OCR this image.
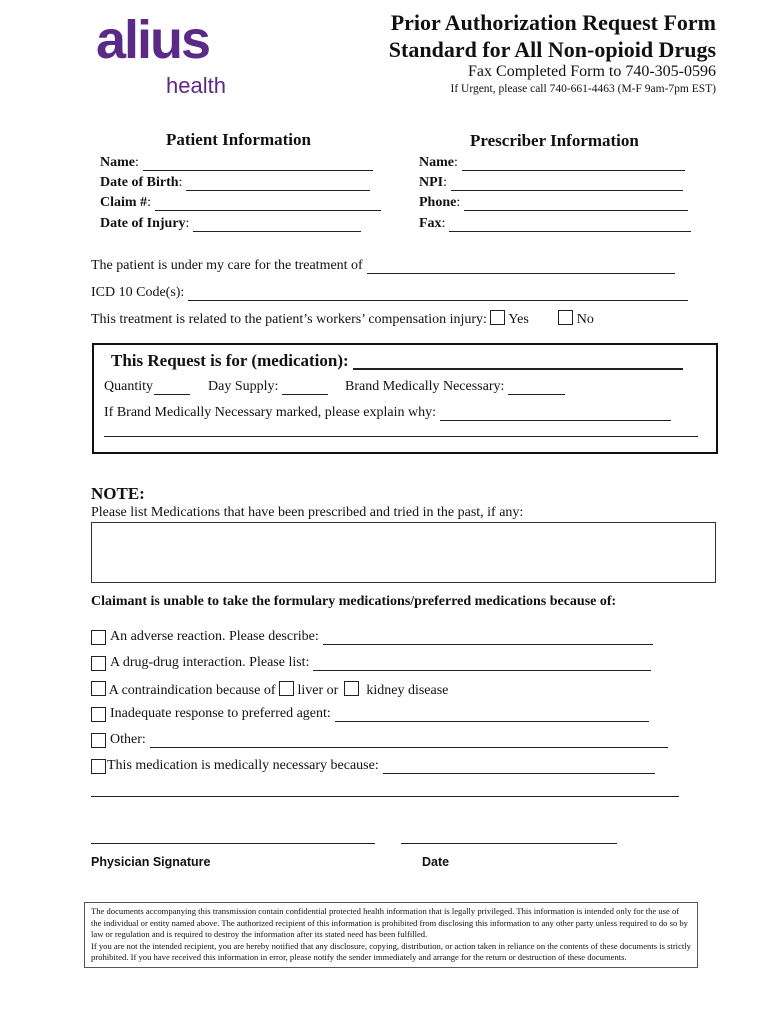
alius
health
Prior Authorization Request Form
Standard for All Non-opioid Drugs
Fax Completed Form to 740-305-0596
If Urgent, please call 740-661-4463 (M-F 9am-7pm EST)
Patient Information
Name :
Date of Birth :
Claim # :
Date of Injury :
Prescriber Information
Name :
NPI :
Phone :
Fax :
The patient is under my care for the treatment of
ICD 10 Code(s):
This treatment is related to the patient’s workers’ compensation injury: Yes	No
This Request is for (medication):
Quantity	Day Supply:	Brand Medically Necessary:
If Brand Medically Necessary marked, please explain why:
NOTE:
Please list Medications that have been prescribed and tried in the past, if any:
Claimant is unable to take the formulary medications/preferred medications because of:
An adverse reaction. Please describe:
A drug-drug interaction. Please list:
A contraindication because of liver or kidney disease
Inadequate response to preferred agent:
Other:
This medication is medically necessary because:
Physician Signature	Date

The documents accompanying this transmission contain confidential protected health information that is legally privileged. This information is intended only for the use of the individual or entity named above. The authorized recipient of this information is prohibited from disclosing this information to any other party unless required to do so by law or regulation and is required to destroy the information after its stated need has been fulfilled.

If you are not the intended recipient, you are hereby notified that any disclosure, copying, distribution, or action taken in reliance on the contents of these documents is strictly prohibited. If you have received this information in error, please notify the sender immediately and arrange for the return or destruction of these documents.
